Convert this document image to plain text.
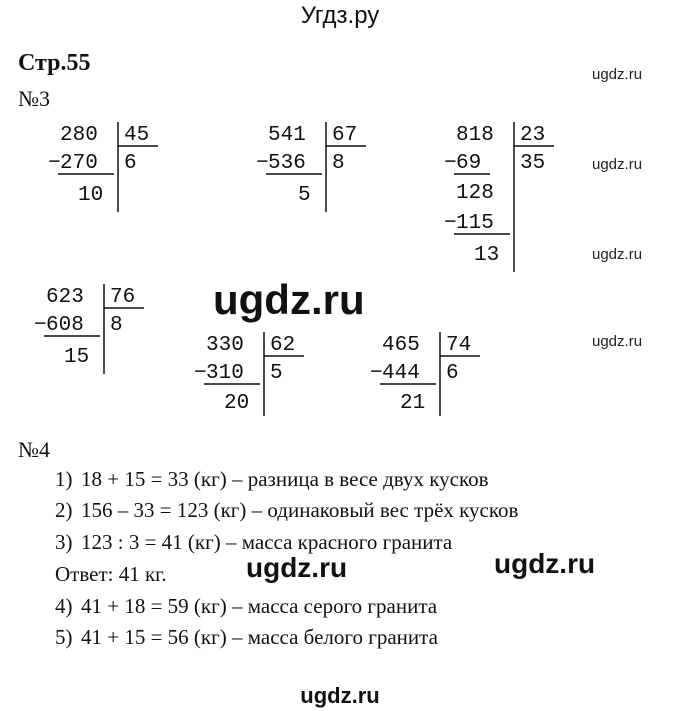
Угдз.ру
Стр.55
№3
ugdz.ru
ugdz.ru
ugdz.ru
ugdz.ru
ugdz.ru
280 45
− 270 6
10
541 67
− 536 8
5
818 23
− 69 35
128
− 115
13
623 76
− 608 8
15
330 62
− 310 5
20
465 74
− 444 6
21
№4
1) 18 + 15 = 33 (кг) – разница в весе двух кусков
2) 156 – 33 = 123 (кг) – одинаковый вес трёх кусков
3) 123 : 3 = 41 (кг) – масса красного гранита
Ответ: 41 кг.	ugdz.ru	ugdz.ru
4) 41 + 18 = 59 (кг) – масса серого гранита
5) 41 + 15 = 56 (кг) – масса белого гранита
ugdz.ru
